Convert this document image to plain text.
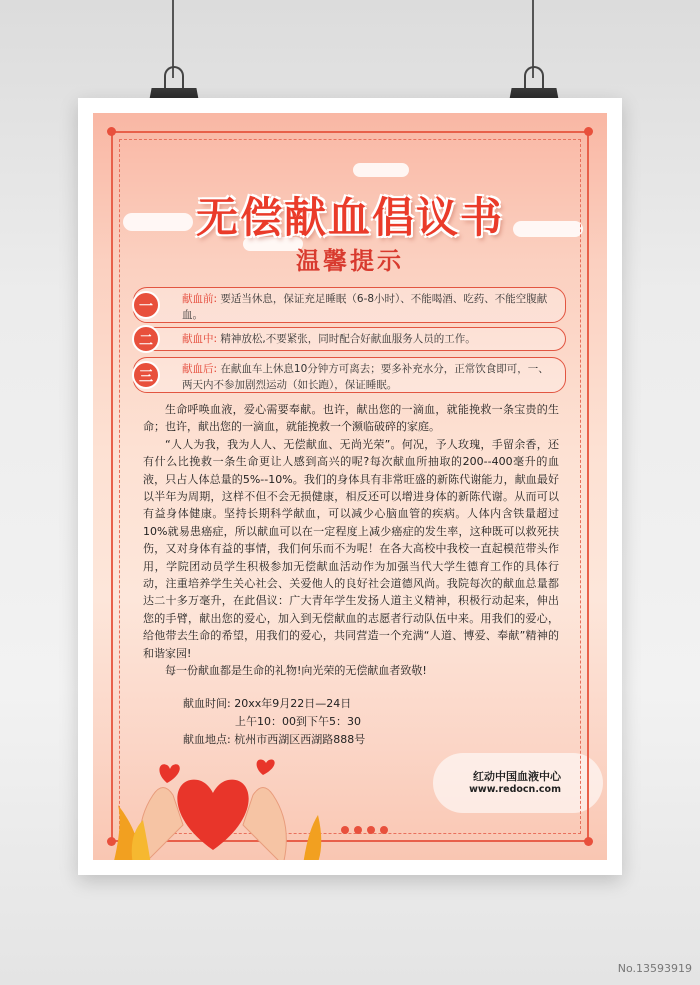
无偿献血倡议书
温馨提示
一	献血前: 要适当休息，保证充足睡眠（6-8小时）、不能喝酒、吃药、不能空腹献血。
二	献血中: 精神放松,不要紧张，同时配合好献血服务人员的工作。
三	献血后: 在献血车上休息10分钟方可离去；要多补充水分，正常饮食即可，一、两天内不参加剧烈运动（如长跑），保证睡眠。

生命呼唤血液，爱心需要奉献。也许，献出您的一滴血，就能挽救一条宝贵的生命；也许，献出您的一滴血，就能挽救一个濒临破碎的家庭。

“人人为我，我为人人、无偿献血、无尚光荣”。何况，予人玫瑰，手留余香，还有什么比挽救一条生命更让人感到高兴的呢?每次献血所抽取的200--400毫升的血液，只占人体总量的5%--10%。我们的身体具有非常旺盛的新陈代谢能力，献血最好以半年为周期，这样不但不会无损健康，相反还可以增进身体的新陈代谢。从而可以有益身体健康。坚持长期科学献血，可以减少心脑血管的疾病。人体内含铁量超过10%就易患癌症，所以献血可以在一定程度上减少癌症的发生率，这种既可以救死扶伤，又对身体有益的事情，我们何乐而不为呢！在各大高校中我校一直起模范带头作用，学院团动员学生积极参加无偿献血活动作为加强当代大学生德育工作的具体行动，注重培养学生关心社会、关爱他人的良好社会道德风尚。我院每次的献血总量都达二十多万毫升，在此倡议：广大青年学生发扬人道主义精神，积极行动起来，伸出您的手臂，献出您的爱心，加入到无偿献血的志愿者行动队伍中来。用我们的爱心，给他带去生命的希望，用我们的爱心，共同营造一个充满“人道、博爱、奉献”精神的和谐家园!

每一份献血都是生命的礼物!向光荣的无偿献血者致敬!

献血时间: 20xx年9月22日—24日
上午10：00到下午5：30
献血地点: 杭州市西湖区西湖路888号
红动中国血液中心
www.redocn.com
No.13593919
